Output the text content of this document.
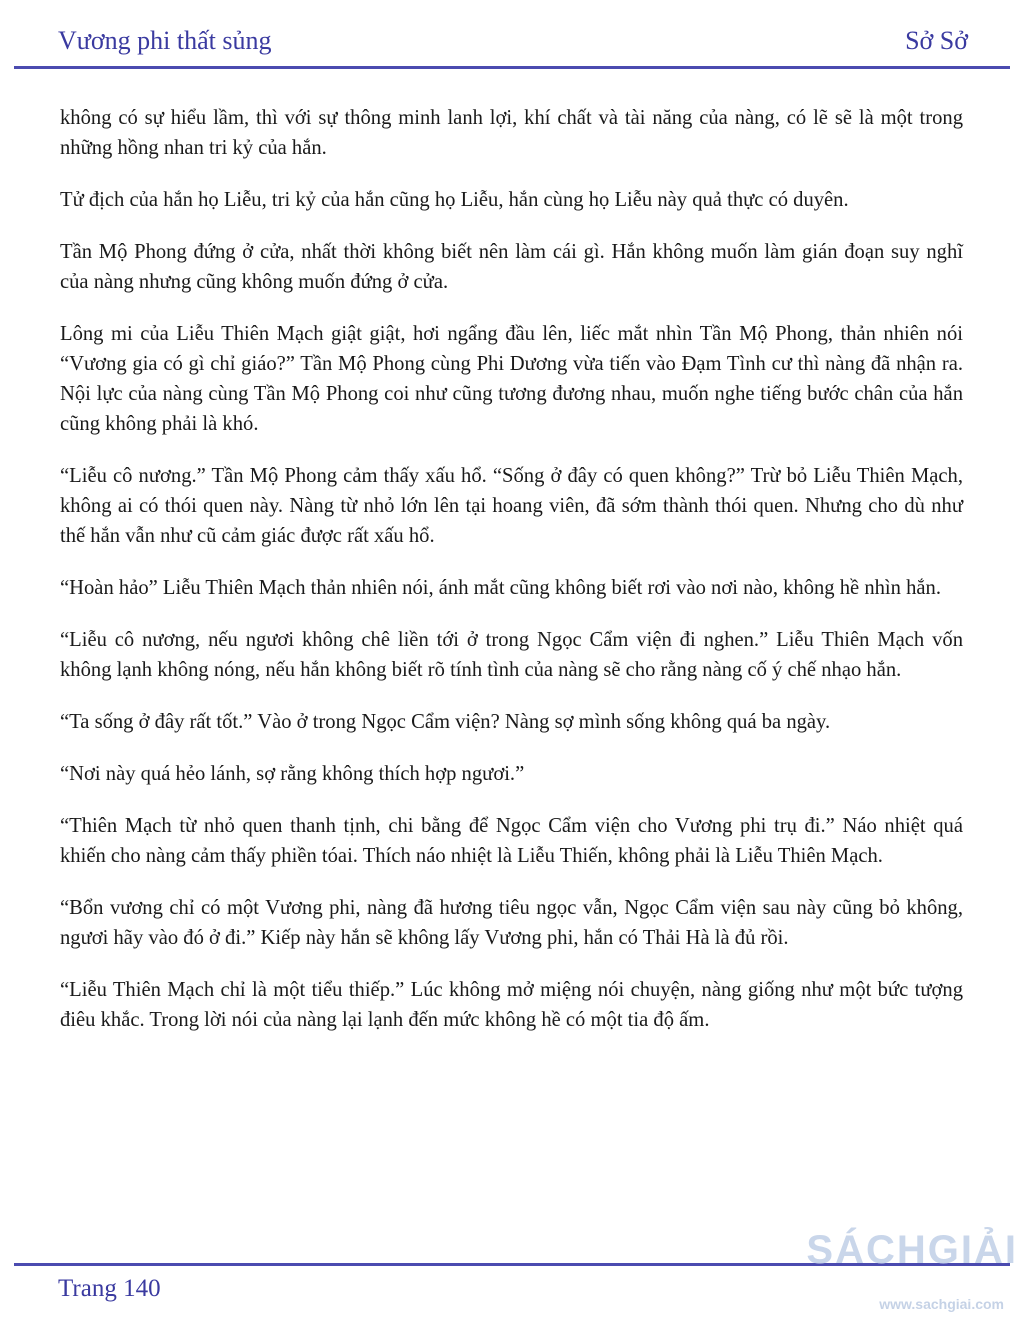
Vương phi thất sủng	Sở Sở

không có sự hiểu lầm, thì với sự thông minh lanh lợi, khí chất và tài năng của nàng, có lẽ sẽ là một trong những hồng nhan tri kỷ của hắn.

Tử địch của hắn họ Liễu, tri kỷ của hắn cũng họ Liễu, hắn cùng họ Liễu này quả thực có duyên.

Tần Mộ Phong đứng ở cửa, nhất thời không biết nên làm cái gì. Hắn không muốn làm gián đoạn suy nghĩ của nàng nhưng cũng không muốn đứng ở cửa.

Lông mi của Liễu Thiên Mạch giật giật, hơi ngẩng đầu lên, liếc mắt nhìn Tần Mộ Phong, thản nhiên nói “Vương gia có gì chỉ giáo?” Tần Mộ Phong cùng Phi Dương vừa tiến vào Đạm Tình cư thì nàng đã nhận ra. Nội lực của nàng cùng Tần Mộ Phong coi như cũng tương đương nhau, muốn nghe tiếng bước chân của hắn cũng không phải là khó.

“Liễu cô nương.” Tần Mộ Phong cảm thấy xấu hổ. “Sống ở đây có quen không?” Trừ bỏ Liễu Thiên Mạch, không ai có thói quen này. Nàng từ nhỏ lớn lên tại hoang viên, đã sớm thành thói quen. Nhưng cho dù như thế hắn vẫn như cũ cảm giác được rất xấu hổ.

“Hoàn hảo” Liễu Thiên Mạch thản nhiên nói, ánh mắt cũng không biết rơi vào nơi nào, không hề nhìn hắn.

“Liễu cô nương, nếu ngươi không chê liền tới ở trong Ngọc Cẩm viện đi nghen.” Liễu Thiên Mạch vốn không lạnh không nóng, nếu hắn không biết rõ tính tình của nàng sẽ cho rằng nàng cố ý chế nhạo hắn.

“Ta sống ở đây rất tốt.” Vào ở trong Ngọc Cẩm viện? Nàng sợ mình sống không quá ba ngày.

“Nơi này quá hẻo lánh, sợ rằng không thích hợp ngươi.”

“Thiên Mạch từ nhỏ quen thanh tịnh, chi bằng để Ngọc Cẩm viện cho Vương phi trụ đi.” Náo nhiệt quá khiến cho nàng cảm thấy phiền tóai. Thích náo nhiệt là Liễu Thiến, không phải là Liễu Thiên Mạch.

“Bổn vương chỉ có một Vương phi, nàng đã hương tiêu ngọc vẫn, Ngọc Cẩm viện sau này cũng bỏ không, ngươi hãy vào đó ở đi.” Kiếp này hắn sẽ không lấy Vương phi, hắn có Thải Hà là đủ rồi.

“Liễu Thiên Mạch chỉ là một tiểu thiếp.” Lúc không mở miệng nói chuyện, nàng giống như một bức tượng điêu khắc. Trong lời nói của nàng lại lạnh đến mức không hề có một tia độ ấm.

Trang 140
SÁCHGIẢI
www.sachgiai.com
